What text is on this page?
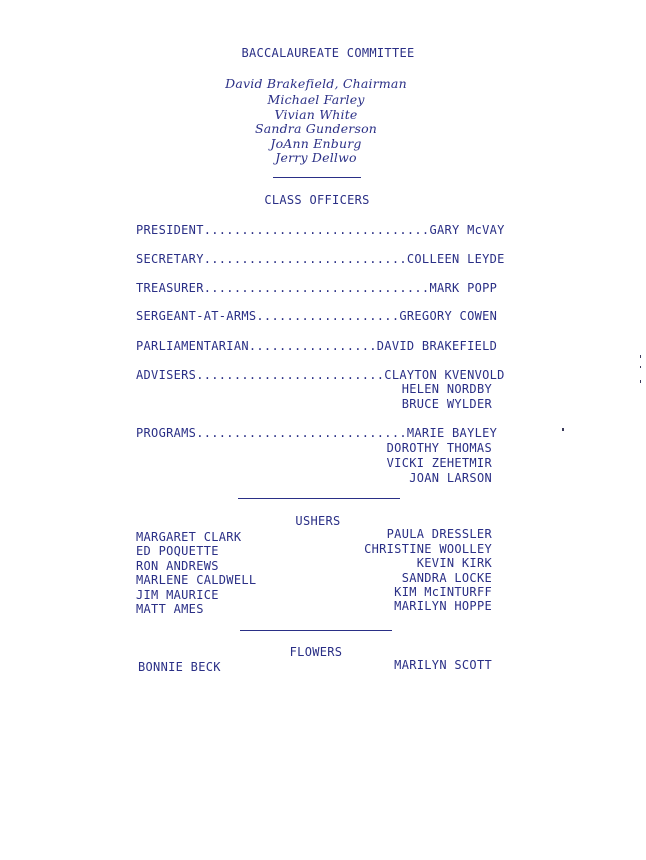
BACCALAUREATE COMMITTEE
David Brakefield, Chairman
Michael Farley
Vivian White
Sandra Gunderson
JoAnn Enburg
Jerry Dellwo
CLASS OFFICERS
PRESIDENT..............................GARY McVAY
SECRETARY...........................COLLEEN LEYDE
TREASURER..............................MARK POPP
SERGEANT-AT-ARMS...................GREGORY COWEN
PARLIAMENTARIAN.................DAVID BRAKEFIELD
ADVISERS.........................CLAYTON KVENVOLD
HELEN NORDBY
BRUCE WYLDER
PROGRAMS............................MARIE BAYLEY
DOROTHY THOMAS
VICKI ZEHETMIR
JOAN LARSON
USHERS
MARGARET CLARK
ED POQUETTE
RON ANDREWS
MARLENE CALDWELL
JIM MAURICE
MATT AMES
PAULA DRESSLER
CHRISTINE WOOLLEY
KEVIN KIRK
SANDRA LOCKE
KIM McINTURFF
MARILYN HOPPE
FLOWERS
BONNIE BECK	MARILYN SCOTT
